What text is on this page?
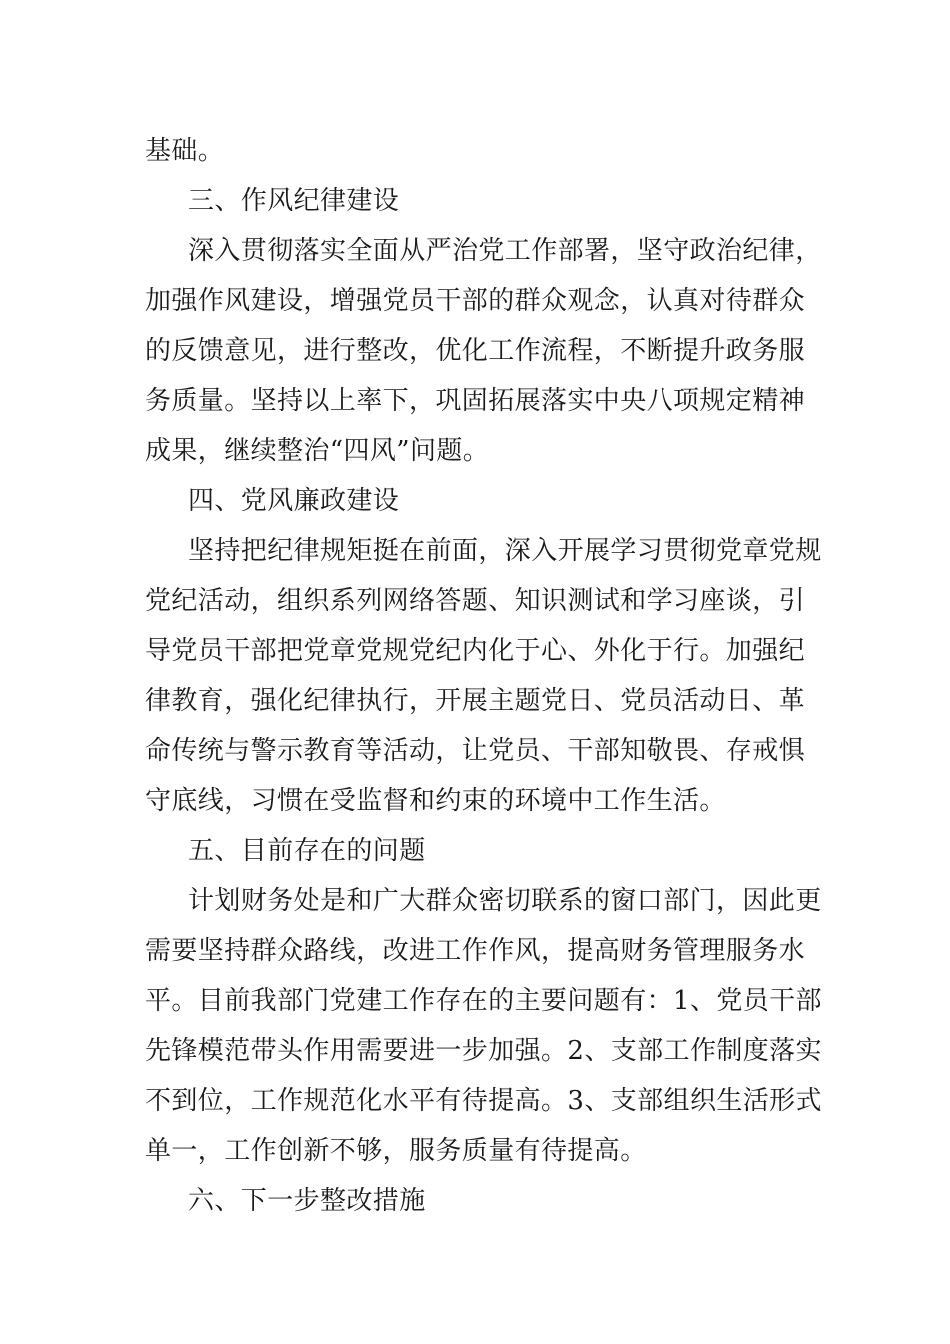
基础。
三、作风纪律建设
深入贯彻落实全面从严治党工作部署，坚守政治纪律，
加强作风建设，增强党员干部的群众观念，认真对待群众
的反馈意见，进行整改，优化工作流程，不断提升政务服
务质量。坚持以上率下，巩固拓展落实中央八项规定精神
成果，继续整治“四风”问题。
四、党风廉政建设
坚持把纪律规矩挺在前面，深入开展学习贯彻党章党规
党纪活动，组织系列网络答题、知识测试和学习座谈，引
导党员干部把党章党规党纪内化于心、外化于行。加强纪
律教育，强化纪律执行，开展主题党日、党员活动日、革
命传统与警示教育等活动，让党员、干部知敬畏、存戒惧
守底线，习惯在受监督和约束的环境中工作生活。
五、目前存在的问题
计划财务处是和广大群众密切联系的窗口部门，因此更
需要坚持群众路线，改进工作作风，提高财务管理服务水
平。目前我部门党建工作存在的主要问题有：1、党员干部
先锋模范带头作用需要进一步加强。2、支部工作制度落实
不到位，工作规范化水平有待提高。3、支部组织生活形式
单一，工作创新不够，服务质量有待提高。
六、下一步整改措施
